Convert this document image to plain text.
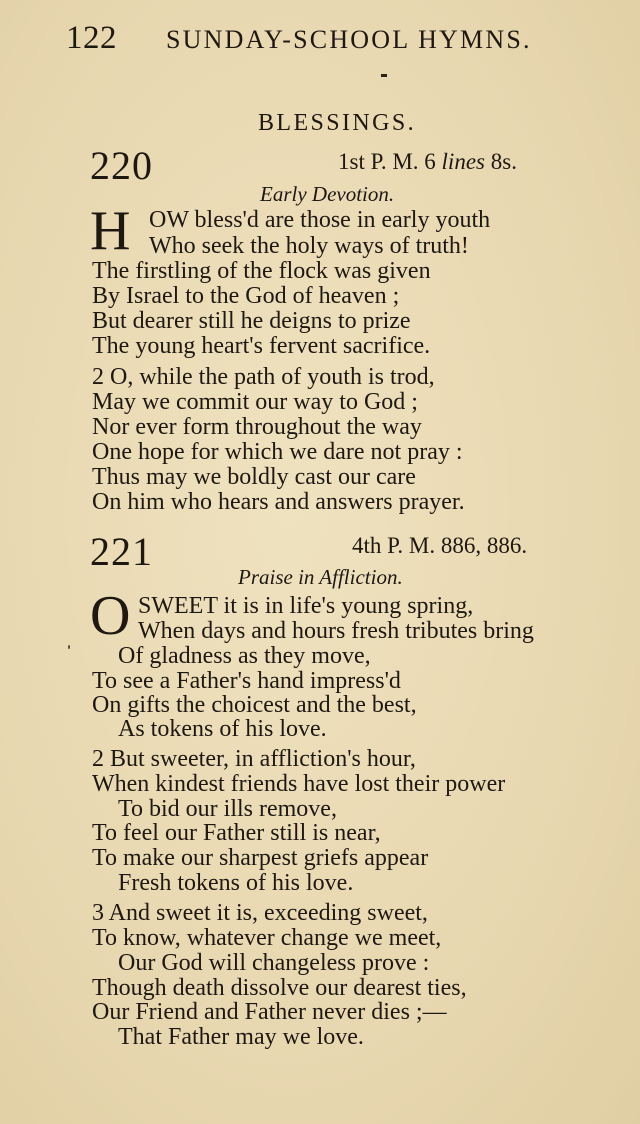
122 SUNDAY-SCHOOL HYMNS.
BLESSINGS.
220	1st P. M. 6 lines 8s.
Early Devotion.
H OW bless'd are those in early youth
Who seek the holy ways of truth!
The firstling of the flock was given
By Israel to the God of heaven ;
But dearer still he deigns to prize
The young heart's fervent sacrifice.
2 O, while the path of youth is trod,
May we commit our way to God ;
Nor ever form throughout the way
One hope for which we dare not pray :
Thus may we boldly cast our care
On him who hears and answers prayer.
221	4th P. M. 886, 886.
Praise in Affliction.
O SWEET it is in life's young spring,
When days and hours fresh tributes bring
Of gladness as they move,
To see a Father's hand impress'd
On gifts the choicest and the best,
As tokens of his love.
2 But sweeter, in affliction's hour,
When kindest friends have lost their power
To bid our ills remove,
To feel our Father still is near,
To make our sharpest griefs appear
Fresh tokens of his love.
3 And sweet it is, exceeding sweet,
To know, whatever change we meet,
Our God will changeless prove :
Though death dissolve our dearest ties,
Our Friend and Father never dies ;—
That Father may we love.
